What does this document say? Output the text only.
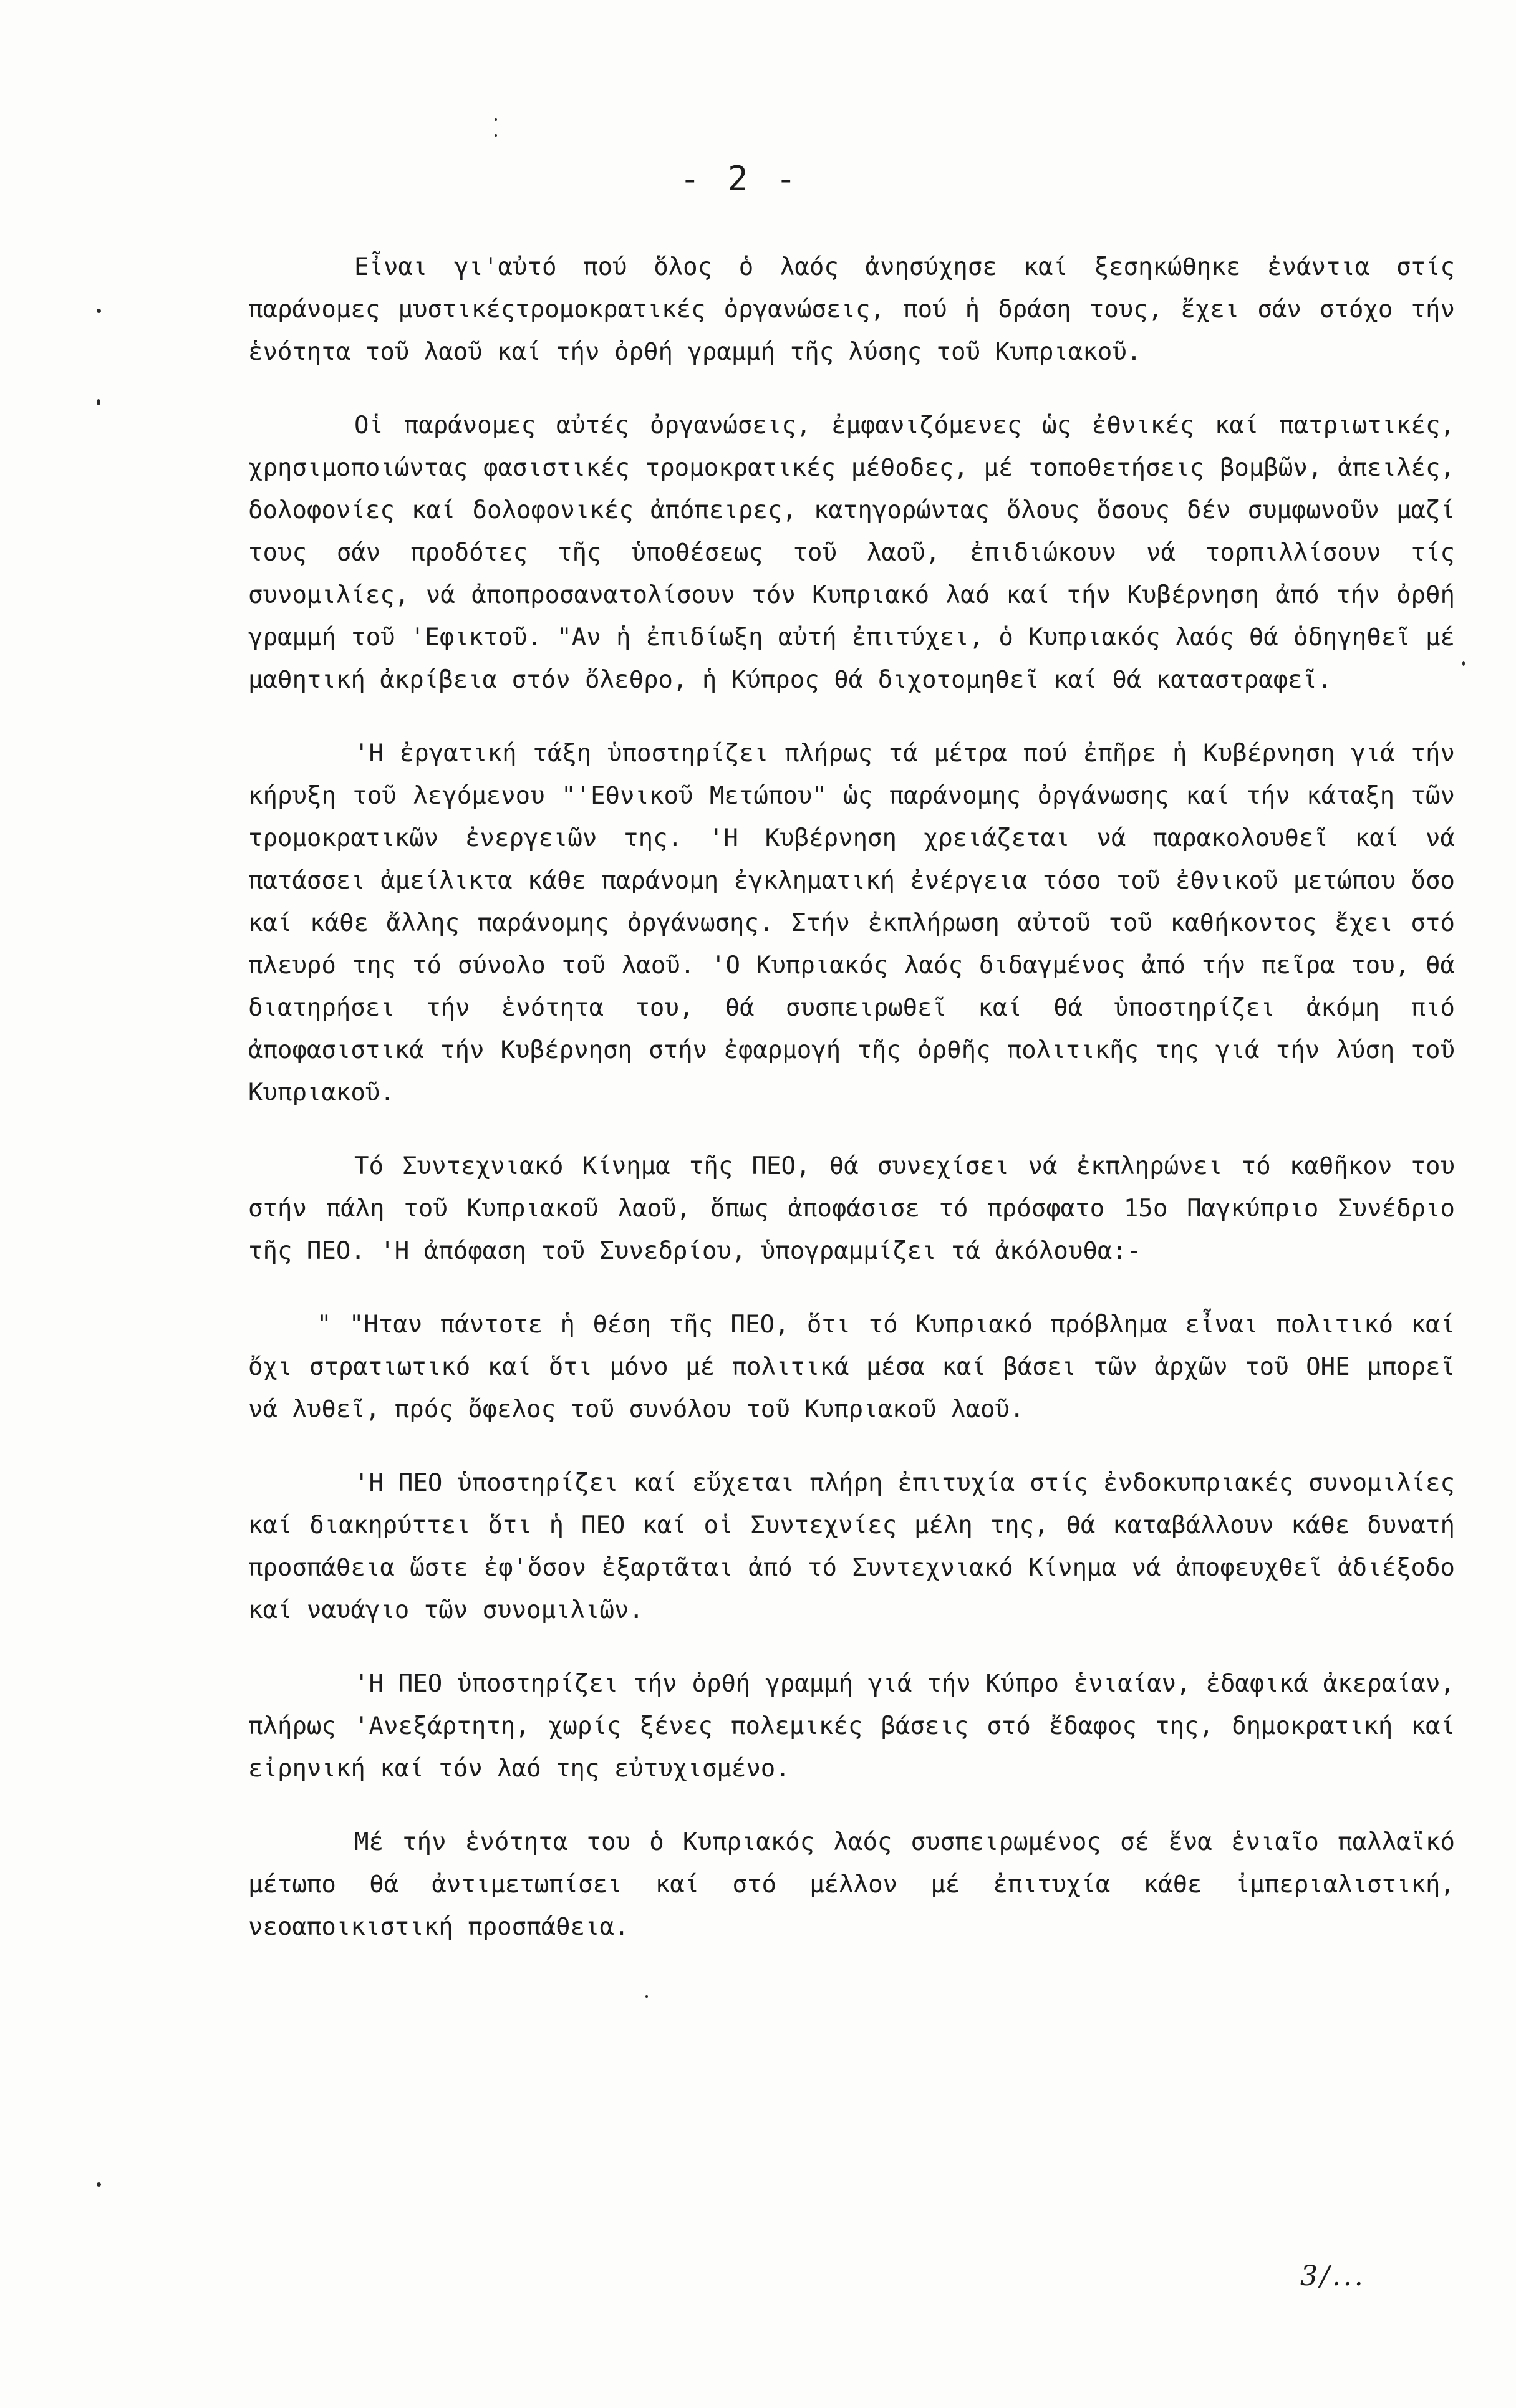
- 2 -

Εἶναι γι'αὐτό πού ὅλος ὁ λαός ἀνησύχησε καί ξεσηκώθηκε ἐνάντια στίς παράνομες μυστικέςτρομοκρατικές ὀργανώσεις, πού ἡ δράση τους, ἔχει σάν στόχο τήν ἑνότητα τοῦ λαοῦ καί τήν ὀρθή γραμμή τῆς λύσης τοῦ Κυπριακοῦ.

Οἱ παράνομες αὐτές ὀργανώσεις, ἐμφανιζόμενες ὡς ἐθνικές καί πατριωτικές, χρησιμοποιώντας φασιστικές τρομοκρατικές μέθοδες, μέ τοποθετήσεις βομβῶν, ἀπειλές, δολοφονίες καί δολοφονικές ἀπόπειρες, κατηγορώντας ὅλους ὅσους δέν συμφωνοῦν μαζί τους σάν προδότες τῆς ὑποθέσεως τοῦ λαοῦ, ἐπιδιώκουν νά τορπιλλίσουν τίς συνομιλίες, νά ἀποπροσανατολίσουν τόν Κυπριακό λαό καί τήν Κυβέρνηση ἀπό τήν ὀρθή γραμμή τοῦ 'Εφικτοῦ. "Αν ἡ ἐπιδίωξη αὐτή ἐπιτύχει, ὁ Κυπριακός λαός θά ὁδηγηθεῖ μέ μαθητική ἀκρίβεια στόν ὄλεθρο, ἡ Κύπρος θά διχοτομηθεῖ καί θά καταστραφεῖ.

'Η ἐργατική τάξη ὑποστηρίζει πλήρως τά μέτρα πού ἐπῆρε ἡ Κυβέρνηση γιά τήν κήρυξη τοῦ λεγόμενου "'Εθνικοῦ Μετώπου" ὡς παράνομης ὀργάνωσης καί τήν κάταξη τῶν τρομοκρατικῶν ἐνεργειῶν της. 'Η Κυβέρνηση χρειάζεται νά παρακολουθεῖ καί νά πατάσσει ἀμείλικτα κάθε παράνομη ἐγκληματική ἐνέργεια τόσο τοῦ ἐθνικοῦ μετώπου ὅσο καί κάθε ἄλλης παράνομης ὀργάνωσης. Στήν ἐκπλήρωση αὐτοῦ τοῦ καθήκοντος ἔχει στό πλευρό της τό σύνολο τοῦ λαοῦ. 'Ο Κυπριακός λαός διδαγμένος ἀπό τήν πεῖρα του, θά διατηρήσει τήν ἑνότητα του, θά συσπειρωθεῖ καί θά ὑποστηρίζει ἀκόμη πιό ἀποφασιστικά τήν Κυβέρνηση στήν ἐφαρμογή τῆς ὀρθῆς πολιτικῆς της γιά τήν λύση τοῦ Κυπριακοῦ.

Τό Συντεχνιακό Κίνημα τῆς ΠΕΟ, θά συνεχίσει νά ἐκπληρώνει τό καθῆκον του στήν πάλη τοῦ Κυπριακοῦ λαοῦ, ὅπως ἀποφάσισε τό πρόσφατο 15ο Παγκύπριο Συνέδριο τῆς ΠΕΟ. 'Η ἀπόφαση τοῦ Συνεδρίου, ὑπογραμμίζει τά ἀκόλουθα:-

" "Ηταν πάντοτε ἡ θέση τῆς ΠΕΟ, ὅτι τό Κυπριακό πρόβλημα εἶναι πολιτικό καί ὄχι στρατιωτικό καί ὅτι μόνο μέ πολιτικά μέσα καί βάσει τῶν ἀρχῶν τοῦ ΟΗΕ μπορεῖ νά λυθεῖ, πρός ὄφελος τοῦ συνόλου τοῦ Κυπριακοῦ λαοῦ.

'Η ΠΕΟ ὑποστηρίζει καί εὔχεται πλήρη ἐπιτυχία στίς ἐνδοκυπριακές συνομιλίες καί διακηρύττει ὅτι ἡ ΠΕΟ καί οἱ Συντεχνίες μέλη της, θά καταβάλλουν κάθε δυνατή προσπάθεια ὥστε ἐφ'ὅσον ἐξαρτᾶται ἀπό τό Συντεχνιακό Κίνημα νά ἀποφευχθεῖ ἀδιέξοδο καί ναυάγιο τῶν συνομιλιῶν.

'Η ΠΕΟ ὑποστηρίζει τήν ὀρθή γραμμή γιά τήν Κύπρο ἑνιαίαν, ἐδαφικά ἀκεραίαν, πλήρως 'Ανεξάρτητη, χωρίς ξένες πολεμικές βάσεις στό ἔδαφος της, δημοκρατική καί εἰρηνική καί τόν λαό της εὐτυχισμένο.

Μέ τήν ἑνότητα του ὁ Κυπριακός λαός συσπειρωμένος σέ ἕνα ἑνιαῖο παλλαϊκό μέτωπο θά ἀντιμετωπίσει καί στό μέλλον μέ ἐπιτυχία κάθε ἰμπεριαλιστική, νεοαποικιστική προσπάθεια.

3/...
